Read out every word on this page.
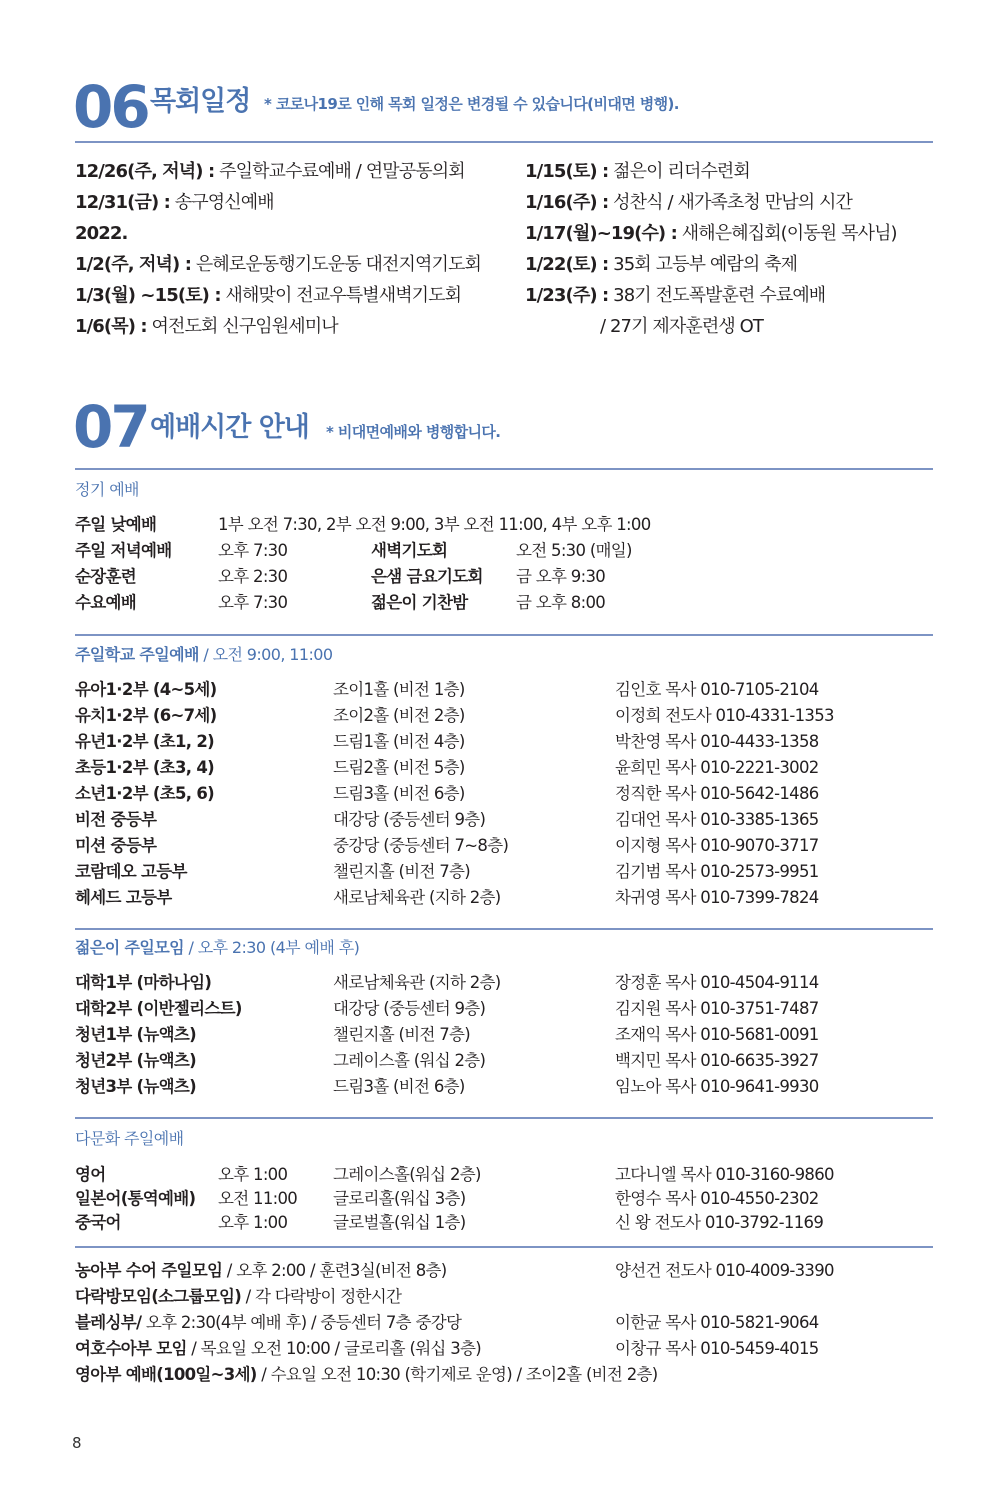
06 목회일정 * 코로나19로 인해 목회 일정은 변경될 수 있습니다(비대면 병행).
12/26(주, 저녁) : 주일학교수료예배 / 연말공동의회
12/31(금) : 송구영신예배
2022.
1/2(주, 저녁) : 은혜로운동행기도운동 대전지역기도회
1/3(월) ~15(토) : 새해맞이 전교우특별새벽기도회
1/6(목) : 여전도회 신구임원세미나
1/15(토) : 젊은이 리더수련회
1/16(주) : 성찬식 / 새가족초청 만남의 시간
1/17(월)~19(수) : 새해은혜집회(이동원 목사님)
1/22(토) : 35회 고등부 예람의 축제
1/23(주) : 38기 전도폭발훈련 수료예배
/ 27기 제자훈련생 OT
07 예배시간 안내 * 비대면예배와 병행합니다.
정기 예배
주일 낮예배	1부 오전 7:30, 2부 오전 9:00, 3부 오전 11:00, 4부 오후 1:00
주일 저녁예배	오후 7:30	새벽기도회	오전 5:30 (매일)
순장훈련	오후 2:30	은샘 금요기도회 금 오후 9:30
수요예배	오후 7:30	젊은이 기찬밤	금 오후 8:00
주일학교 주일예배 / 오전 9:00, 11:00
유아1·2부 (4~5세)	조이1홀 (비전 1층)	김인호 목사 010-7105-2104
유치1·2부 (6~7세)	조이2홀 (비전 2층)	이정희 전도사 010-4331-1353
유년1·2부 (초1, 2)	드림1홀 (비전 4층)	박찬영 목사 010-4433-1358
초등1·2부 (초3, 4)	드림2홀 (비전 5층)	윤희민 목사 010-2221-3002
소년1·2부 (초5, 6)	드림3홀 (비전 6층)	정직한 목사 010-5642-1486
비전 중등부	대강당 (중등센터 9층)	김대언 목사 010-3385-1365
미션 중등부	중강당 (중등센터 7~8층)	이지형 목사 010-9070-3717
코람데오 고등부	챌린지홀 (비전 7층)	김기범 목사 010-2573-9951
헤세드 고등부	새로남체육관 (지하 2층)	차귀영 목사 010-7399-7824
젊은이 주일모임 / 오후 2:30 (4부 예배 후)
대학1부 (마하나임)	새로남체육관 (지하 2층)	장정훈 목사 010-4504-9114
대학2부 (이반젤리스트)	대강당 (중등센터 9층)	김지원 목사 010-3751-7487
청년1부 (뉴액츠)	챌린지홀 (비전 7층)	조재익 목사 010-5681-0091
청년2부 (뉴액츠)	그레이스홀 (워십 2층)	백지민 목사 010-6635-3927
청년3부 (뉴액츠)	드림3홀 (비전 6층)	임노아 목사 010-9641-9930
다문화 주일예배
영어	오후 1:00	그레이스홀(워십 2층)	고다니엘 목사 010-3160-9860
일본어(통역예배) 오전 11:00 글로리홀(워십 3층)	한영수 목사 010-4550-2302
중국어	오후 1:00	글로벌홀(워십 1층)	신 왕 전도사 010-3792-1169
농아부 수어 주일모임 / 오후 2:00 / 훈련3실(비전 8층)	양선건 전도사 010-4009-3390
다락방모임(소그룹모임) / 각 다락방이 정한시간
블레싱부/ 오후 2:30(4부 예배 후) / 중등센터 7층 중강당	이한균 목사 010-5821-9064
여호수아부 모임 / 목요일 오전 10:00 / 글로리홀 (워십 3층)	이창규 목사 010-5459-4015
영아부 예배(100일~3세) / 수요일 오전 10:30 (학기제로 운영) / 조이2홀 (비전 2층)
8
